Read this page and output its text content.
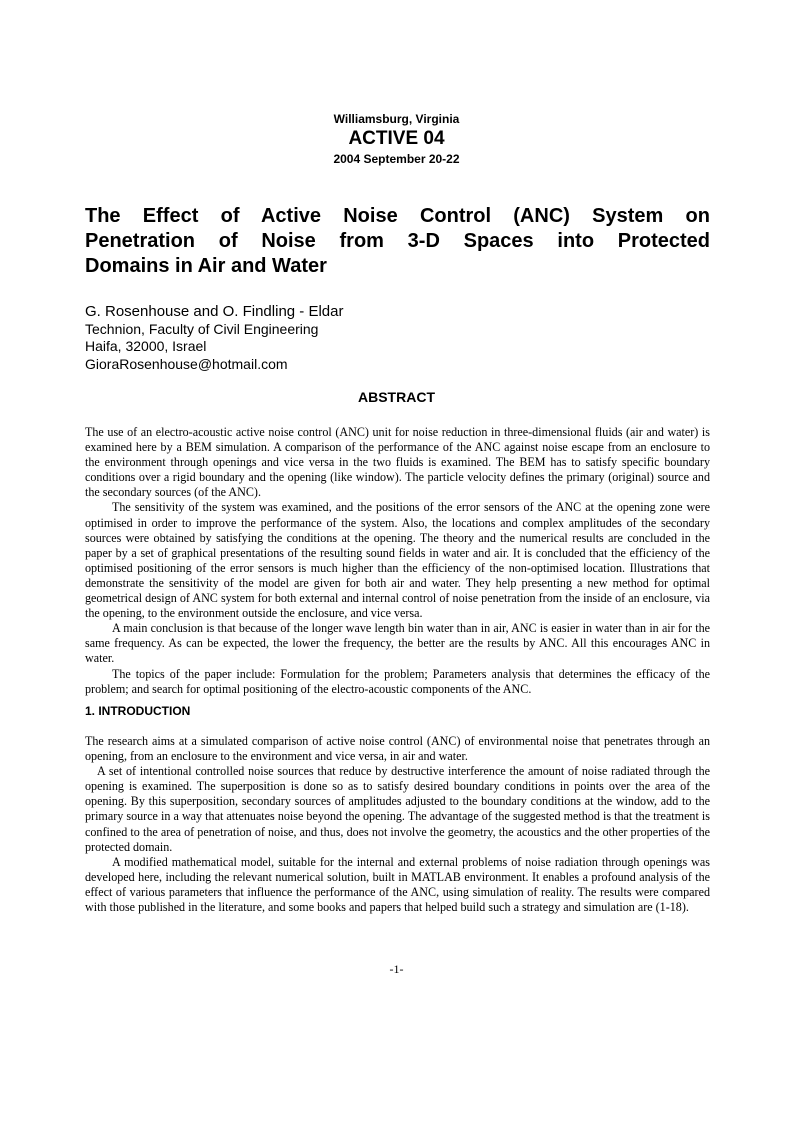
Williamsburg, Virginia
ACTIVE 04
2004 September 20-22
The Effect of Active Noise Control (ANC) System on
Penetration of Noise from 3-D Spaces into Protected
Domains in Air and Water
G. Rosenhouse and O. Findling - Eldar
Technion, Faculty of Civil Engineering
Haifa, 32000, Israel
GioraRosenhouse@hotmail.com
ABSTRACT

The use of an electro-acoustic active noise control (ANC) unit for noise reduction in three-dimensional fluids (air and water) is examined here by a BEM simulation. A comparison of the performance of the ANC against noise escape from an enclosure to the environment through openings and vice versa in the two fluids is examined. The BEM has to satisfy specific boundary conditions over a rigid boundary and the opening (like window). The particle velocity defines the primary (original) source and the secondary sources (of the ANC).

The sensitivity of the system was examined, and the positions of the error sensors of the ANC at the opening zone were optimised in order to improve the performance of the system. Also, the locations and complex amplitudes of the secondary sources were obtained by satisfying the conditions at the opening. The theory and the numerical results are concluded in the paper by a set of graphical presentations of the resulting sound fields in water and air. It is concluded that the efficiency of the optimised positioning of the error sensors is much higher than the efficiency of the non-optimised location. Illustrations that demonstrate the sensitivity of the model are given for both air and water. They help presenting a new method for optimal geometrical design of ANC system for both external and internal control of noise penetration from the inside of an enclosure, via the opening, to the environment outside the enclosure, and vice versa.

A main conclusion is that because of the longer wave length bin water than in air, ANC is easier in water than in air for the same frequency. As can be expected, the lower the frequency, the better are the results by ANC. All this encourages ANC in water.

The topics of the paper include: Formulation for the problem; Parameters analysis that determines the efficacy of the problem; and search for optimal positioning of the electro-acoustic components of the ANC.

1. INTRODUCTION

The research aims at a simulated comparison of active noise control (ANC) of environmental noise that penetrates through an opening, from an enclosure to the environment and vice versa, in air and water.

A set of intentional controlled noise sources that reduce by destructive interference the amount of noise radiated through the opening is examined. The superposition is done so as to satisfy desired boundary conditions in points over the area of the opening. By this superposition, secondary sources of amplitudes adjusted to the boundary conditions at the window, add to the primary source in a way that attenuates noise beyond the opening. The advantage of the suggested method is that the treatment is confined to the area of penetration of noise, and thus, does not involve the geometry, the acoustics and the other properties of the protected domain.

A modified mathematical model, suitable for the internal and external problems of noise radiation through openings was developed here, including the relevant numerical solution, built in MATLAB environment. It enables a profound analysis of the effect of various parameters that influence the performance of the ANC, using simulation of reality. The results were compared with those published in the literature, and some books and papers that helped build such a strategy and simulation are (1-18).

-1-
